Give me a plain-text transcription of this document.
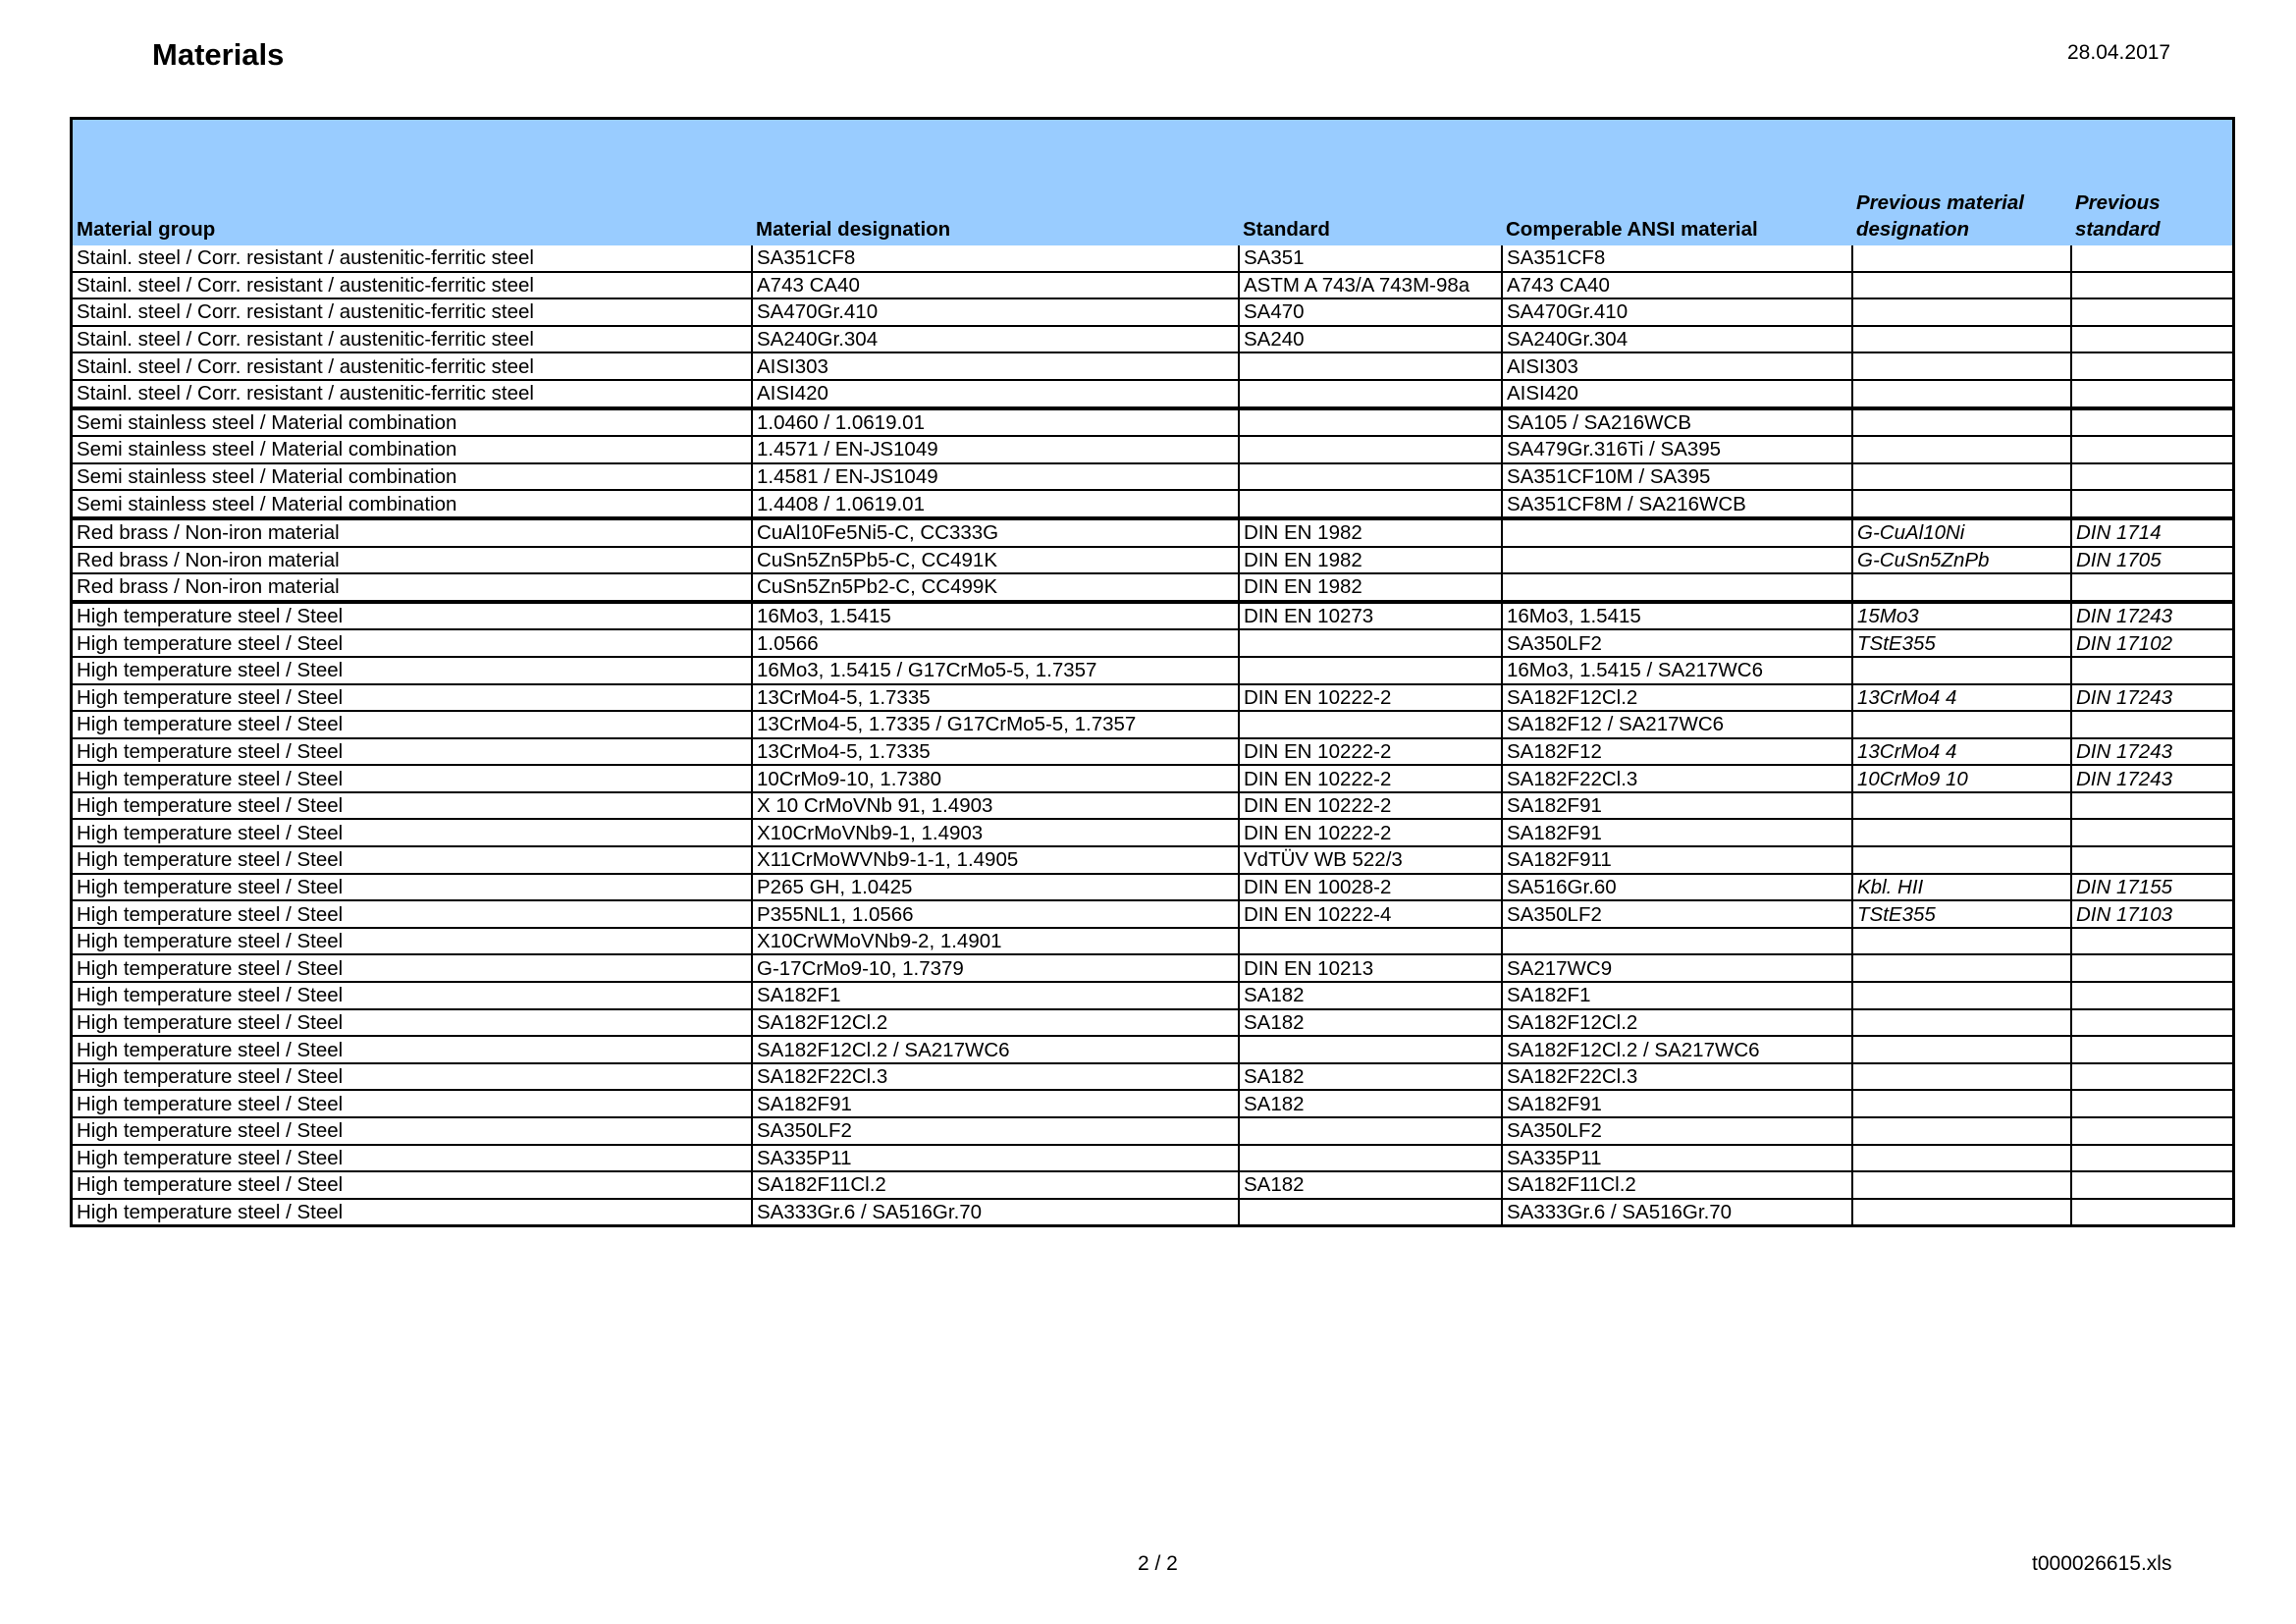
Materials	28.04.2017
Material group	Material designation	Standard	Comperable ANSI material	Previous material designation	Previous standard
Stainl. steel / Corr. resistant / austenitic-ferritic steel	SA351CF8	SA351	SA351CF8		
Stainl. steel / Corr. resistant / austenitic-ferritic steel	A743 CA40	ASTM A 743/A 743M-98a	A743 CA40		
Stainl. steel / Corr. resistant / austenitic-ferritic steel	SA470Gr.410	SA470	SA470Gr.410		
Stainl. steel / Corr. resistant / austenitic-ferritic steel	SA240Gr.304	SA240	SA240Gr.304		
Stainl. steel / Corr. resistant / austenitic-ferritic steel	AISI303		AISI303		
Stainl. steel / Corr. resistant / austenitic-ferritic steel	AISI420		AISI420		
Semi stainless steel / Material combination	1.0460 / 1.0619.01		SA105 / SA216WCB		
Semi stainless steel / Material combination	1.4571 / EN-JS1049		SA479Gr.316Ti / SA395		
Semi stainless steel / Material combination	1.4581 / EN-JS1049		SA351CF10M / SA395		
Semi stainless steel / Material combination	1.4408 / 1.0619.01		SA351CF8M / SA216WCB		
Red brass / Non-iron material	CuAl10Fe5Ni5-C, CC333G	DIN EN 1982		G-CuAl10Ni	DIN 1714
Red brass / Non-iron material	CuSn5Zn5Pb5-C, CC491K	DIN EN 1982		G-CuSn5ZnPb	DIN 1705
Red brass / Non-iron material	CuSn5Zn5Pb2-C, CC499K	DIN EN 1982			
High temperature steel / Steel	16Mo3, 1.5415	DIN EN 10273	16Mo3, 1.5415	15Mo3	DIN 17243
High temperature steel / Steel	1.0566		SA350LF2	TStE355	DIN 17102
High temperature steel / Steel	16Mo3, 1.5415 / G17CrMo5-5, 1.7357		16Mo3, 1.5415 / SA217WC6		
High temperature steel / Steel	13CrMo4-5, 1.7335	DIN EN 10222-2	SA182F12Cl.2	13CrMo4 4	DIN 17243
High temperature steel / Steel	13CrMo4-5, 1.7335 / G17CrMo5-5, 1.7357		SA182F12 / SA217WC6		
High temperature steel / Steel	13CrMo4-5, 1.7335	DIN EN 10222-2	SA182F12	13CrMo4 4	DIN 17243
High temperature steel / Steel	10CrMo9-10, 1.7380	DIN EN 10222-2	SA182F22Cl.3	10CrMo9 10	DIN 17243
High temperature steel / Steel	X 10 CrMoVNb 91, 1.4903	DIN EN 10222-2	SA182F91		
High temperature steel / Steel	X10CrMoVNb9-1, 1.4903	DIN EN 10222-2	SA182F91		
High temperature steel / Steel	X11CrMoWVNb9-1-1, 1.4905	VdTÜV WB 522/3	SA182F911		
High temperature steel / Steel	P265 GH, 1.0425	DIN EN 10028-2	SA516Gr.60	Kbl. HII	DIN 17155
High temperature steel / Steel	P355NL1, 1.0566	DIN EN 10222-4	SA350LF2	TStE355	DIN 17103
High temperature steel / Steel	X10CrWMoVNb9-2, 1.4901				
High temperature steel / Steel	G-17CrMo9-10, 1.7379	DIN EN 10213	SA217WC9		
High temperature steel / Steel	SA182F1	SA182	SA182F1		
High temperature steel / Steel	SA182F12Cl.2	SA182	SA182F12Cl.2		
High temperature steel / Steel	SA182F12Cl.2 / SA217WC6		SA182F12Cl.2 / SA217WC6		
High temperature steel / Steel	SA182F22Cl.3	SA182	SA182F22Cl.3		
High temperature steel / Steel	SA182F91	SA182	SA182F91		
High temperature steel / Steel	SA350LF2		SA350LF2		
High temperature steel / Steel	SA335P11		SA335P11		
High temperature steel / Steel	SA182F11Cl.2	SA182	SA182F11Cl.2		
High temperature steel / Steel	SA333Gr.6 / SA516Gr.70		SA333Gr.6 / SA516Gr.70		
2 / 2	t000026615.xls
